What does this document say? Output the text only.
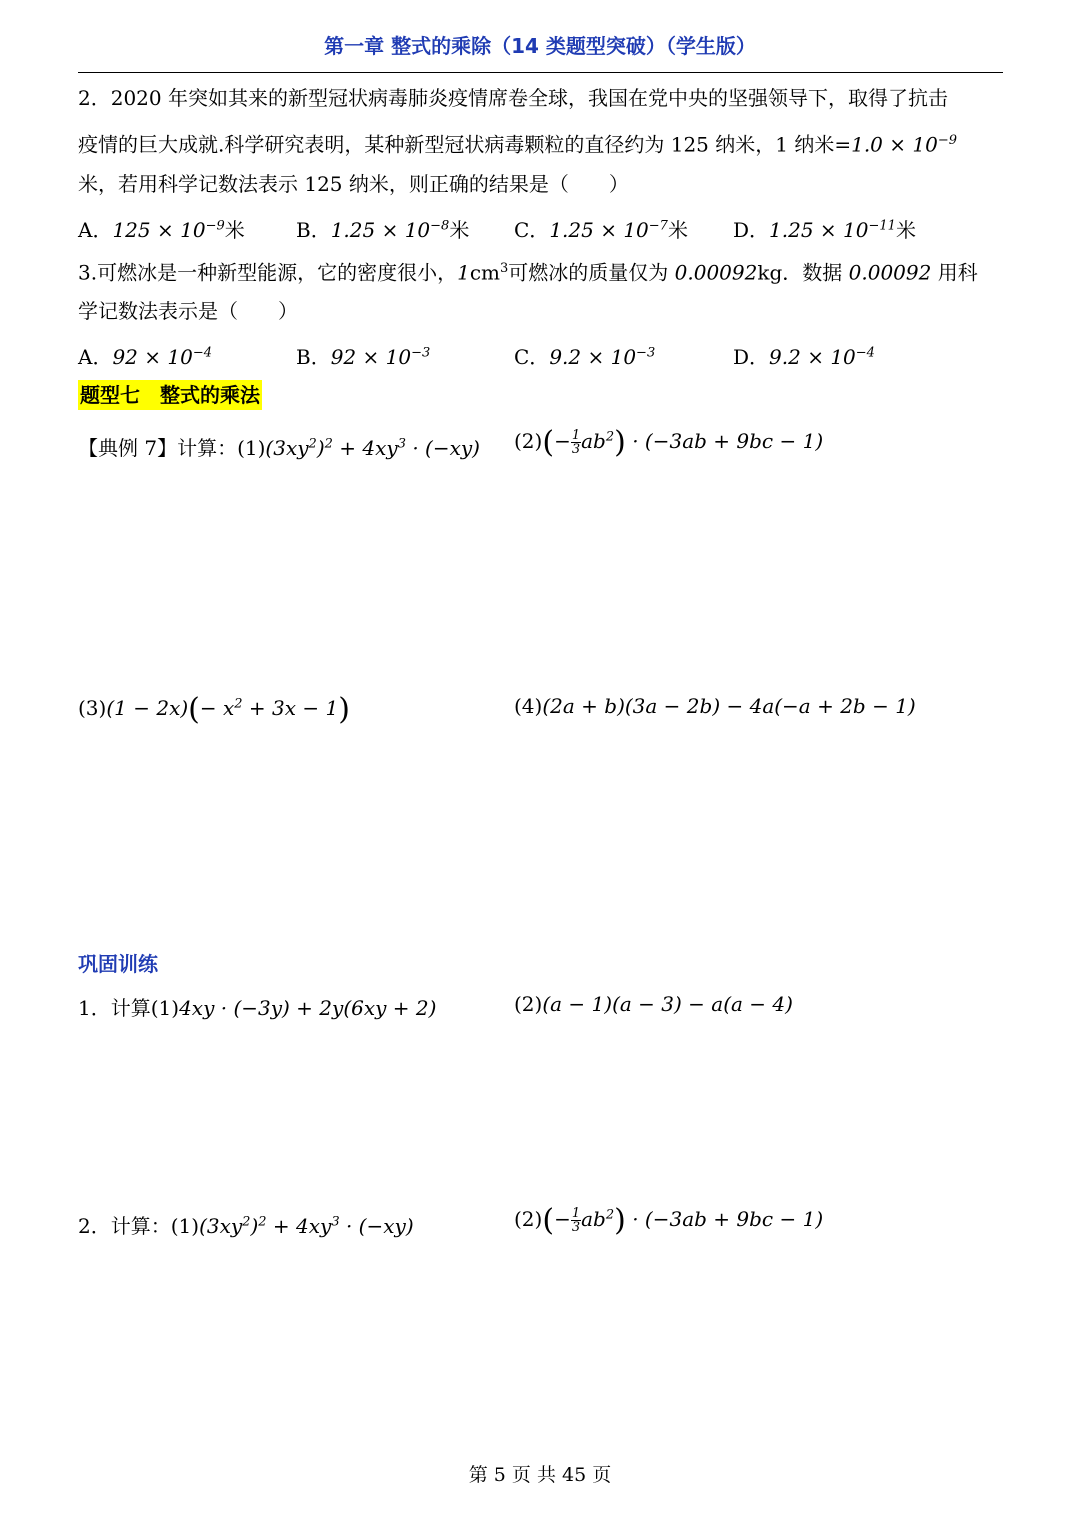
第一章 整式的乘除（14 类题型突破）（学生版）
2．2020 年突如其来的新型冠状病毒肺炎疫情席卷全球，我国在党中央的坚强领导下，取得了抗击
疫情的巨大成就.科学研究表明，某种新型冠状病毒颗粒的直径约为 125 纳米，1 纳米$=1.0 \times 10^{-9}$
米，若用科学记数法表示 125 纳米，则正确的结果是（　　）
A．$125 \times 10^{-9}$米	B．$1.25 \times 10^{-8}$米 C．$1.25 \times 10^{-7}$米 D．$1.25 \times 10^{-11}$米
3.可燃冰是一种新型能源，它的密度很小，$1cm^3$可燃冰的质量仅为 0.00092kg．数据 0.00092 用科
学记数法表示是（　　）
A．$92 \times 10^{-4}$	B．$92 \times 10^{-3}$	C．$9.2 \times 10^{-3}$	D．$9.2 \times 10^{-4}$
题型七　整式的乘法
【典例 7】计算：$(1)(3xy^2)^2 + 4xy^3 \cdot (-xy)$ $(2)(- \frac{1}{3} ab^2) \cdot (-3ab + 9bc - 1)$
$(3)(1 - 2x)(- x^2 + 3x - 1)$	(4)(2a + b)(3a − 2b) − 4a(−a + 2b − 1)
巩固训练
1．计算(1)4xy · (−3y) + 2y(6xy + 2)	(2)(a − 1)(a − 3) − a(a − 4)
2．计算：$(1)(3xy^2)^2 + 4xy^3 \cdot (-xy)$	$(2)(- \frac{1}{3} ab^2) \cdot (-3ab + 9bc - 1)$
第 5 页 共 45 页
